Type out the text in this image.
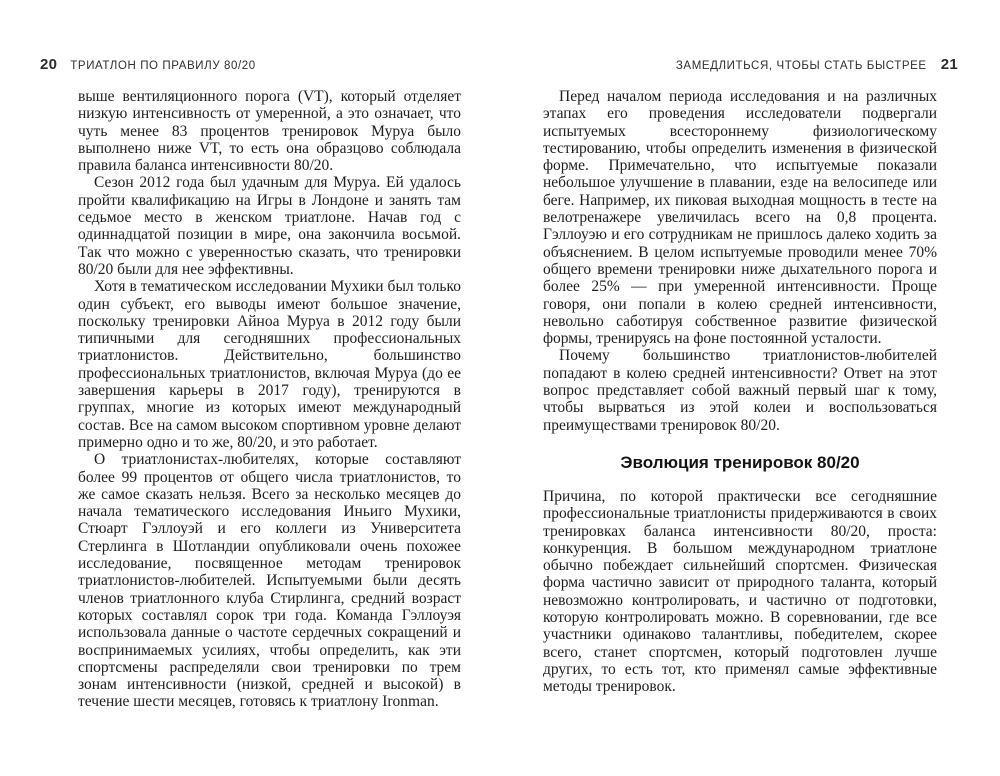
20 ТРИАТЛОН ПО ПРАВИЛУ 80/20

выше вентиляционного порога (VT), который отделяет низкую интенсивность от умеренной, а это означает, что чуть менее 83 процентов тренировок Муруа было выполнено ниже VT, то есть она образцово соблюдала правила баланса интенсивности 80/20.

Сезон 2012 года был удачным для Муруа. Ей удалось пройти квалификацию на Игры в Лондоне и занять там седьмое место в женском триатлоне. Начав год с одиннадцатой позиции в мире, она закончила восьмой. Так что можно с уверенностью сказать, что тренировки 80/20 были для нее эффективны.

Хотя в тематическом исследовании Мухики был только один субъект, его выводы имеют большое значение, поскольку тренировки Айноа Муруа в 2012 году были типичными для сегодняшних профессиональных триатлонистов. Действительно, большинство профессиональных триатлонистов, включая Муруа (до ее завершения карьеры в 2017 году), тренируются в группах, многие из которых имеют международный состав. Все на самом высоком спортивном уровне делают примерно одно и то же, 80/20, и это работает.

О триатлонистах-любителях, которые составляют более 99 процентов от общего числа триатлонистов, то же самое сказать нельзя. Всего за несколько месяцев до начала тематического исследования Иньиго Мухики, Стюарт Гэллоуэй и его коллеги из Университета Стерлинга в Шотландии опубликовали очень похожее исследование, посвященное методам тренировок триатлонистов-любителей. Испытуемыми были десять членов триатлонного клуба Стирлинга, средний возраст которых составлял сорок три года. Команда Гэллоуэя использовала данные о частоте сердечных сокращений и воспринимаемых усилиях, чтобы определить, как эти спортсмены распределяли свои тренировки по трем зонам интенсивности (низкой, средней и высокой) в течение шести месяцев, готовясь к триатлону Ironman.

ЗАМЕДЛИТЬСЯ, ЧТОБЫ СТАТЬ БЫСТРЕЕ 21

Перед началом периода исследования и на различных этапах его проведения исследователи подвергали испытуемых всестороннему физиологическому тестированию, чтобы определить изменения в физической форме. Примечательно, что испытуемые показали небольшое улучшение в плавании, езде на велосипеде или беге. Например, их пиковая выходная мощность в тесте на велотренажере увеличилась всего на 0,8 процента. Гэллоуэю и его сотрудникам не пришлось далеко ходить за объяснением. В целом испытуемые проводили менее 70% общего времени тренировки ниже дыхательного порога и более 25% — при умеренной интенсивности. Проще говоря, они попали в колею средней интенсивности, невольно саботируя собственное развитие физической формы, тренируясь на фоне постоянной усталости.

Почему большинство триатлонистов-любителей попадают в колею средней интенсивности? Ответ на этот вопрос представляет собой важный первый шаг к тому, чтобы вырваться из этой колеи и воспользоваться преимуществами тренировок 80/20.

Эволюция тренировок 80/20

Причина, по которой практически все сегодняшние профессиональные триатлонисты придерживаются в своих тренировках баланса интенсивности 80/20, проста: конкуренция. В большом международном триатлоне обычно побеждает сильнейший спортсмен. Физическая форма частично зависит от природного таланта, который невозможно контролировать, и частично от подготовки, которую контролировать можно. В соревновании, где все участники одинаково талантливы, победителем, скорее всего, станет спортсмен, который подготовлен лучше других, то есть тот, кто применял самые эффективные методы тренировок.
